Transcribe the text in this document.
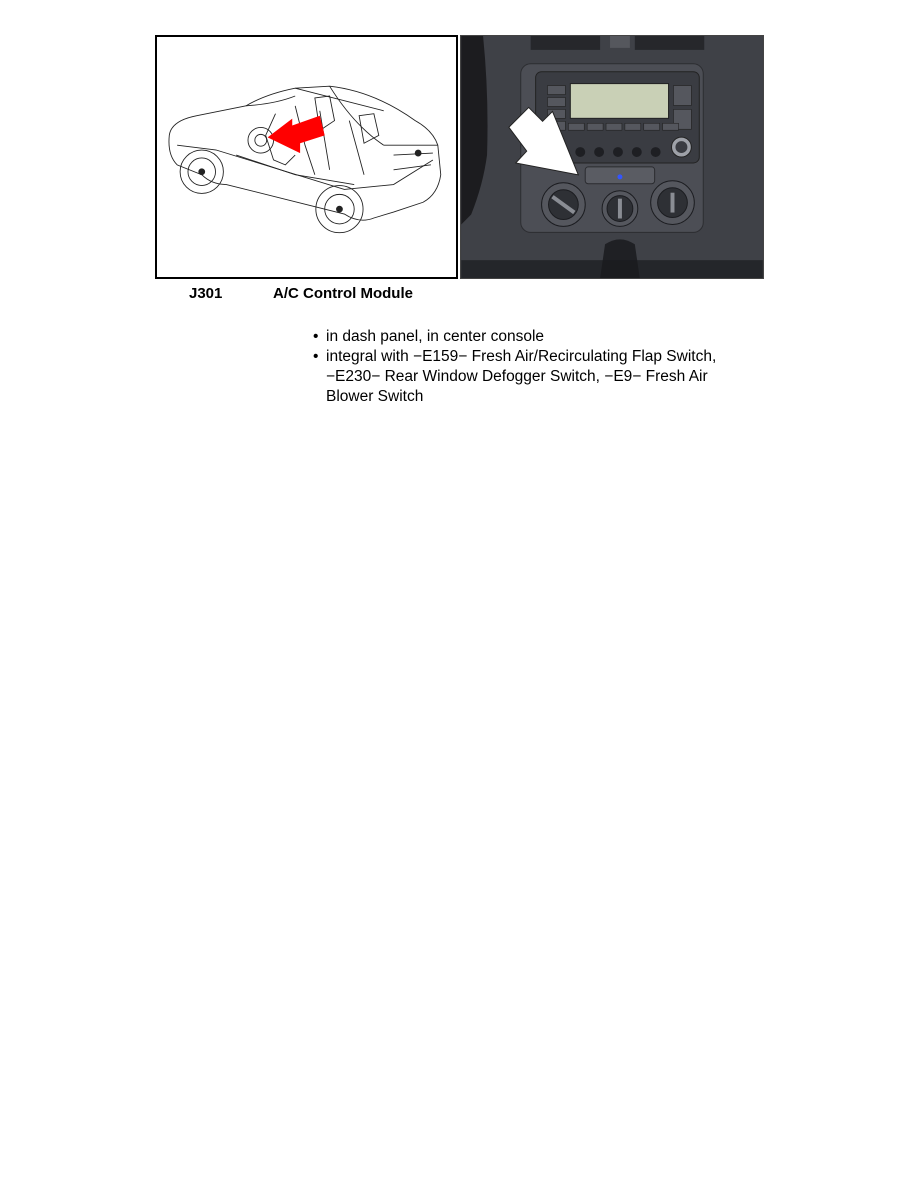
J301	A/C Control Module
• in dash panel, in center console
• integral with −E159− Fresh Air/Recirculating Flap Switch, −E230− Rear Window Defogger Switch, −E9− Fresh Air Blower Switch
